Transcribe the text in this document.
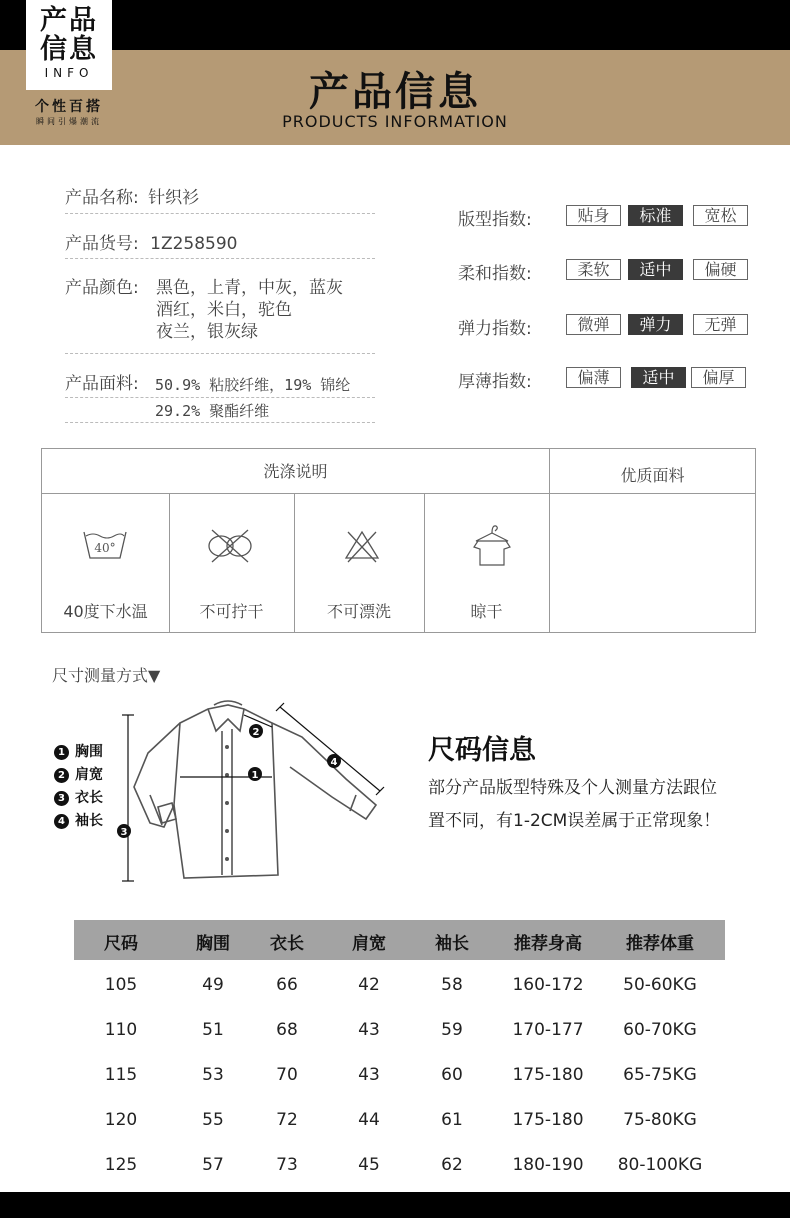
产品
信息
INFO
个性百搭
瞬间引爆潮流
产品信息
PRODUCTS INFORMATION
产品名称: 针织衫
产品货号: 1Z258590
产品颜色: 黑色，上青，中灰，蓝灰
酒红，米白，驼色
夜兰，银灰绿
产品面料: 50.9% 粘胶纤维，19% 锦纶
29.2% 聚酯纤维
版型指数:	贴身	标准	宽松
柔和指数:	柔软	适中	偏硬
弹力指数:	微弹	弹力	无弹
厚薄指数:	偏薄	适中	偏厚
洗涤说明	优质面料
40°
40度下水温	不可拧干	不可漂洗	晾干
尺寸测量方式▼
1 胸围
2 肩宽
3 衣长
4 袖长
1
2
3
4	尺码信息
部分产品版型特殊及个人测量方法跟位
置不同，有1-2CM误差属于正常现象！
尺码	胸围	衣长	肩宽	袖长	推荐身高	推荐体重
105	49	66	42	58	160-172	50-60KG
110	51	68	43	59	170-177	60-70KG
115	53	70	43	60	175-180	65-75KG
120	55	72	44	61	175-180	75-80KG
125	57	73	45	62	180-190	80-100KG
